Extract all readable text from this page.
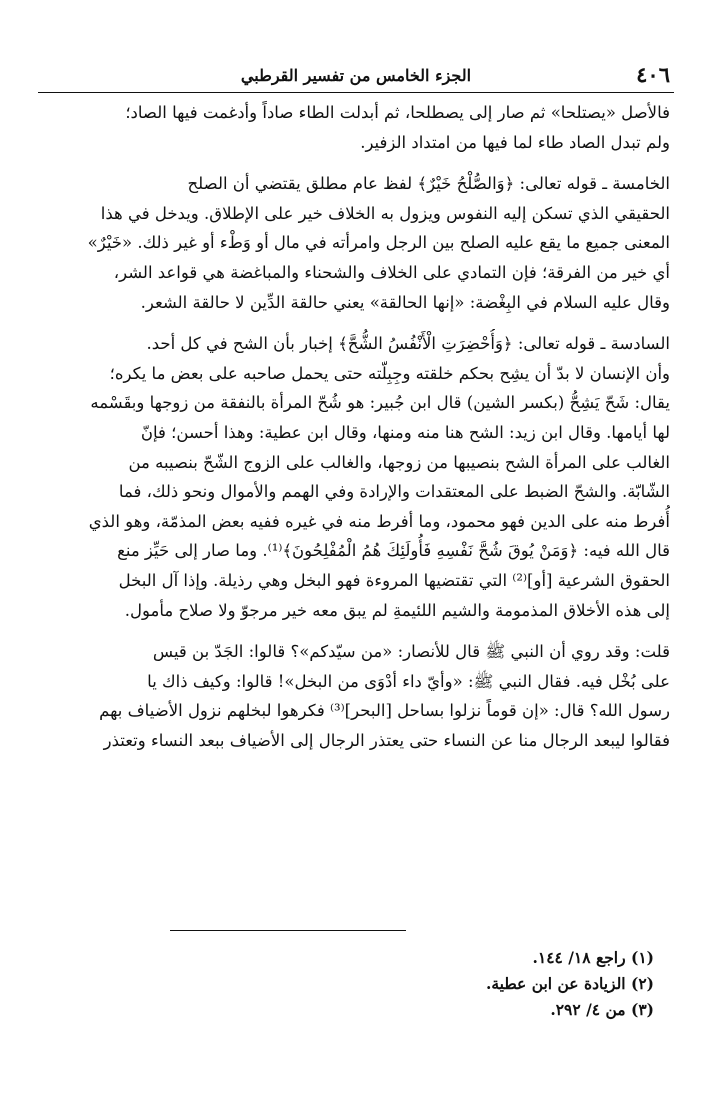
٤٠٦
الجزء الخامس من تفسير القرطبي

فالأصل «يصتلحا» ثم صار إلى يصطلحا، ثم أبدلت الطاء صاداً وأدغمت فيها الصاد؛
ولم تبدل الصاد طاء لما فيها من امتداد الزفير.

الخامسة ـ قوله تعالى: ﴿وَالصُّلْحُ خَيْرٌ﴾ لفظ عام مطلق يقتضي أن الصلح
الحقيقي الذي تسكن إليه النفوس ويزول به الخلاف خير على الإطلاق. ويدخل في هذا
المعنى جميع ما يقع عليه الصلح بين الرجل وامرأته في مال أو وَطْء أو غير ذلك. «خَيْرٌ»
أي خير من الفرقة؛ فإن التمادي على الخلاف والشحناء والمباغضة هي قواعد الشر،
وقال عليه السلام في البِغْضة: «إنها الحالقة» يعني حالقة الدِّين لا حالقة الشعر.

السادسة ـ قوله تعالى: ﴿وَأُحْضِرَتِ الْأَنْفُسُ الشُّحَّ﴾ إخبار بأن الشح في كل أحد.
وأن الإنسان لا بدّ أن يشِح بحكم خلقته وجِبِلّته حتى يحمل صاحبه على بعض ما يكره؛
يقال: شَحّ يَشِحُّ (بكسر الشين) قال ابن جُبير: هو شُحّ المرأة بالنفقة من زوجها وبقَسْمه
لها أيامها. وقال ابن زيد: الشح هنا منه ومنها، وقال ابن عطية: وهذا أحسن؛ فإنّ
الغالب على المرأة الشح بنصيبها من زوجها، والغالب على الزوج الشّحّ بنصيبه من
الشّابّة. والشحّ الضبط على المعتقدات والإرادة وفي الهمم والأموال ونحو ذلك، فما
أُفرط منه على الدين فهو محمود، وما أفرط منه في غيره ففيه بعض المذمّة، وهو الذي
قال الله فيه: ﴿وَمَنْ يُوقَ شُحَّ نَفْسِهِ فَأُولَئِكَ هُمُ الْمُفْلِحُونَ﴾⁽¹⁾. وما صار إلى حَيِّز منع
الحقوق الشرعية [أو]⁽²⁾ التي تقتضيها المروءة فهو البخل وهي رذيلة. وإذا آل البخل
إلى هذه الأخلاق المذمومة والشيم اللئيمةِ لم يبق معه خير مرجوّ ولا صلاح مأمول.

قلت: وقد روي أن النبي ﷺ قال للأنصار: «من سيّدكم»؟ قالوا: الجَدّ بن قيس
على بُخْل فيه. فقال النبي ﷺ: «وأيّ داء أدْوَى من البخل»! قالوا: وكيف ذاك يا
رسول الله؟ قال: «إن قوماً نزلوا بساحل [البحر]⁽³⁾ فكرهوا لبخلهم نزول الأضياف بهم
فقالوا ليبعد الرجال منا عن النساء حتى يعتذر الرجال إلى الأضياف ببعد النساء وتعتذر

(١) راجع ١٨/ ١٤٤.
(٢) الزيادة عن ابن عطية.
(٣) من ٤/ ٢٩٢.
